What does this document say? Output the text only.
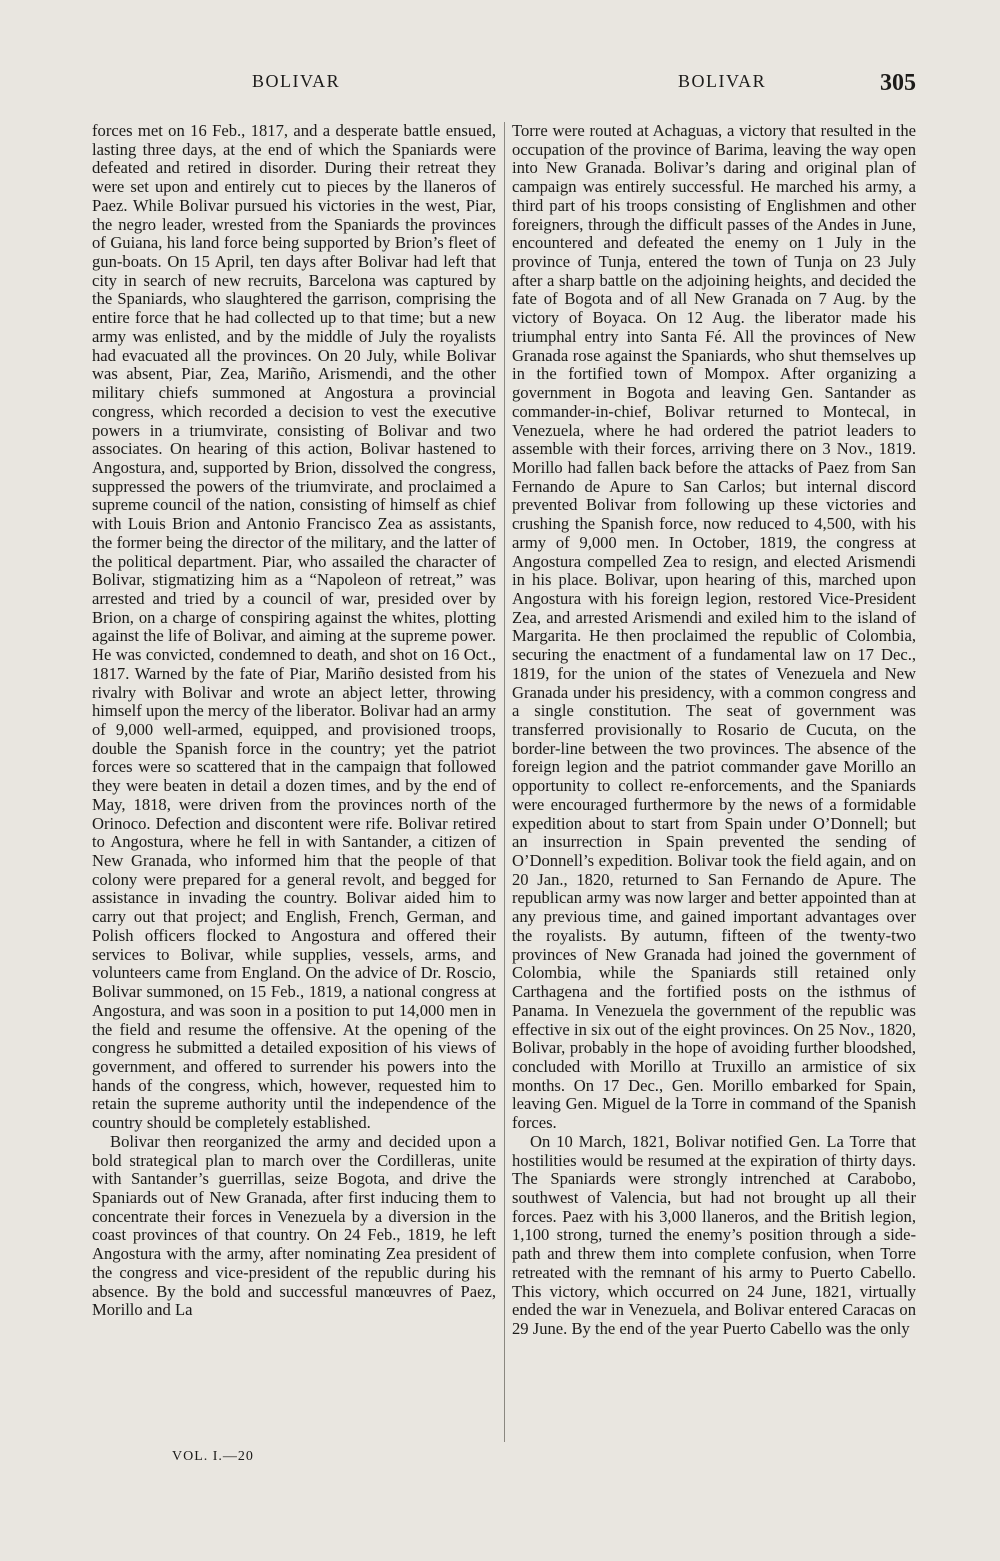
BOLIVAR	BOLIVAR	305

forces met on 16 Feb., 1817, and a desperate battle ensued, lasting three days, at the end of which the Spaniards were defeated and retired in disorder. During their retreat they were set upon and entirely cut to pieces by the llaneros of Paez. While Bolivar pursued his victories in the west, Piar, the negro leader, wrested from the Spaniards the provinces of Guiana, his land force being supported by Brion’s fleet of gun-boats. On 15 April, ten days after Bolivar had left that city in search of new recruits, Barcelona was captured by the Spaniards, who slaughtered the garrison, comprising the entire force that he had collected up to that time; but a new army was enlisted, and by the middle of July the royalists had evacuated all the provinces. On 20 July, while Bolivar was absent, Piar, Zea, Mariño, Arismendi, and the other military chiefs summoned at Angostura a provincial congress, which recorded a decision to vest the executive powers in a triumvirate, consisting of Bolivar and two associates. On hearing of this action, Bolivar hastened to Angostura, and, supported by Brion, dissolved the congress, suppressed the powers of the triumvirate, and proclaimed a supreme council of the nation, consisting of himself as chief with Louis Brion and Antonio Francisco Zea as assistants, the former being the director of the military, and the latter of the political department. Piar, who assailed the character of Bolivar, stigmatizing him as a “Napoleon of retreat,” was arrested and tried by a council of war, presided over by Brion, on a charge of conspiring against the whites, plotting against the life of Bolivar, and aiming at the supreme power. He was convicted, condemned to death, and shot on 16 Oct., 1817. Warned by the fate of Piar, Mariño desisted from his rivalry with Bolivar and wrote an abject letter, throwing himself upon the mercy of the liberator. Bolivar had an army of 9,000 well-armed, equipped, and provisioned troops, double the Spanish force in the country; yet the patriot forces were so scattered that in the campaign that followed they were beaten in detail a dozen times, and by the end of May, 1818, were driven from the provinces north of the Orinoco. Defection and discontent were rife. Bolivar retired to Angostura, where he fell in with Santander, a citizen of New Granada, who informed him that the people of that colony were prepared for a general revolt, and begged for assistance in invading the country. Bolivar aided him to carry out that project; and English, French, German, and Polish officers flocked to Angostura and offered their services to Bolivar, while supplies, vessels, arms, and volunteers came from England. On the advice of Dr. Roscio, Bolivar summoned, on 15 Feb., 1819, a national congress at Angostura, and was soon in a position to put 14,000 men in the field and resume the offensive. At the opening of the congress he submitted a detailed exposition of his views of government, and offered to surrender his powers into the hands of the congress, which, however, requested him to retain the supreme authority until the independence of the country should be completely established.

Bolivar then reorganized the army and decided upon a bold strategical plan to march over the Cordilleras, unite with Santander’s guerrillas, seize Bogota, and drive the Spaniards out of New Granada, after first inducing them to concentrate their forces in Venezuela by a diversion in the coast provinces of that country. On 24 Feb., 1819, he left Angostura with the army, after nominating Zea president of the congress and vice-president of the republic during his absence. By the bold and successful manœuvres of Paez, Morillo and La

Torre were routed at Achaguas, a victory that resulted in the occupation of the province of Barima, leaving the way open into New Granada. Bolivar’s daring and original plan of campaign was entirely successful. He marched his army, a third part of his troops consisting of Englishmen and other foreigners, through the difficult passes of the Andes in June, encountered and defeated the enemy on 1 July in the province of Tunja, entered the town of Tunja on 23 July after a sharp battle on the adjoining heights, and decided the fate of Bogota and of all New Granada on 7 Aug. by the victory of Boyaca. On 12 Aug. the liberator made his triumphal entry into Santa Fé. All the provinces of New Granada rose against the Spaniards, who shut themselves up in the fortified town of Mompox. After organizing a government in Bogota and leaving Gen. Santander as commander-in-chief, Bolivar returned to Montecal, in Venezuela, where he had ordered the patriot leaders to assemble with their forces, arriving there on 3 Nov., 1819. Morillo had fallen back before the attacks of Paez from San Fernando de Apure to San Carlos; but internal discord prevented Bolivar from following up these victories and crushing the Spanish force, now reduced to 4,500, with his army of 9,000 men. In October, 1819, the congress at Angostura compelled Zea to resign, and elected Arismendi in his place. Bolivar, upon hearing of this, marched upon Angostura with his foreign legion, restored Vice-President Zea, and arrested Arismendi and exiled him to the island of Margarita. He then proclaimed the republic of Colombia, securing the enactment of a fundamental law on 17 Dec., 1819, for the union of the states of Venezuela and New Granada under his presidency, with a common congress and a single constitution. The seat of government was transferred provisionally to Rosario de Cucuta, on the border-line between the two provinces. The absence of the foreign legion and the patriot commander gave Morillo an opportunity to collect re-enforcements, and the Spaniards were encouraged furthermore by the news of a formidable expedition about to start from Spain under O’Donnell; but an insurrection in Spain prevented the sending of O’Donnell’s expedition. Bolivar took the field again, and on 20 Jan., 1820, returned to San Fernando de Apure. The republican army was now larger and better appointed than at any previous time, and gained important advantages over the royalists. By autumn, fifteen of the twenty-two provinces of New Granada had joined the government of Colombia, while the Spaniards still retained only Carthagena and the fortified posts on the isthmus of Panama. In Venezuela the government of the republic was effective in six out of the eight provinces. On 25 Nov., 1820, Bolivar, probably in the hope of avoiding further bloodshed, concluded with Morillo at Truxillo an armistice of six months. On 17 Dec., Gen. Morillo embarked for Spain, leaving Gen. Miguel de la Torre in command of the Spanish forces.

On 10 March, 1821, Bolivar notified Gen. La Torre that hostilities would be resumed at the expiration of thirty days. The Spaniards were strongly intrenched at Carabobo, southwest of Valencia, but had not brought up all their forces. Paez with his 3,000 llaneros, and the British legion, 1,100 strong, turned the enemy’s position through a side-path and threw them into complete confusion, when Torre retreated with the remnant of his army to Puerto Cabello. This victory, which occurred on 24 June, 1821, virtually ended the war in Venezuela, and Bolivar entered Caracas on 29 June. By the end of the year Puerto Cabello was the only

VOL. I.—20
